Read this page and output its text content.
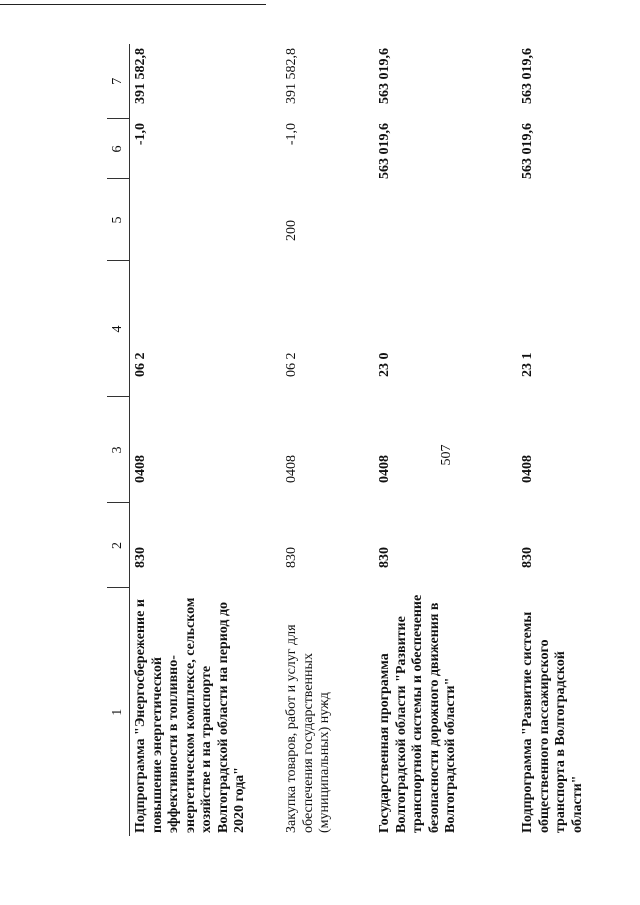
507
1	2	3	4	5	6	7
Подпрограмма "Энергосбережение и повышение энергетической эффективности в топливно-энергетическом комплексе, сельском хозяйстве и на транспорте Волгоградской области на период до 2020 года"	830	0408	06 2		-1,0	391 582,8
Закупка товаров, работ и услуг для обеспечения государственных (муниципальных) нужд	830	0408	06 2	200	-1,0	391 582,8
Государственная программа Волгоградской области "Развитие транспортной системы и обеспечение безопасности дорожного движения в Волгоградской области"	830	0408	23 0		563 019,6	563 019,6
Подпрограмма "Развитие системы общественного пассажирского транспорта в Волгоградской области"	830	0408	23 1		563 019,6	563 019,6
